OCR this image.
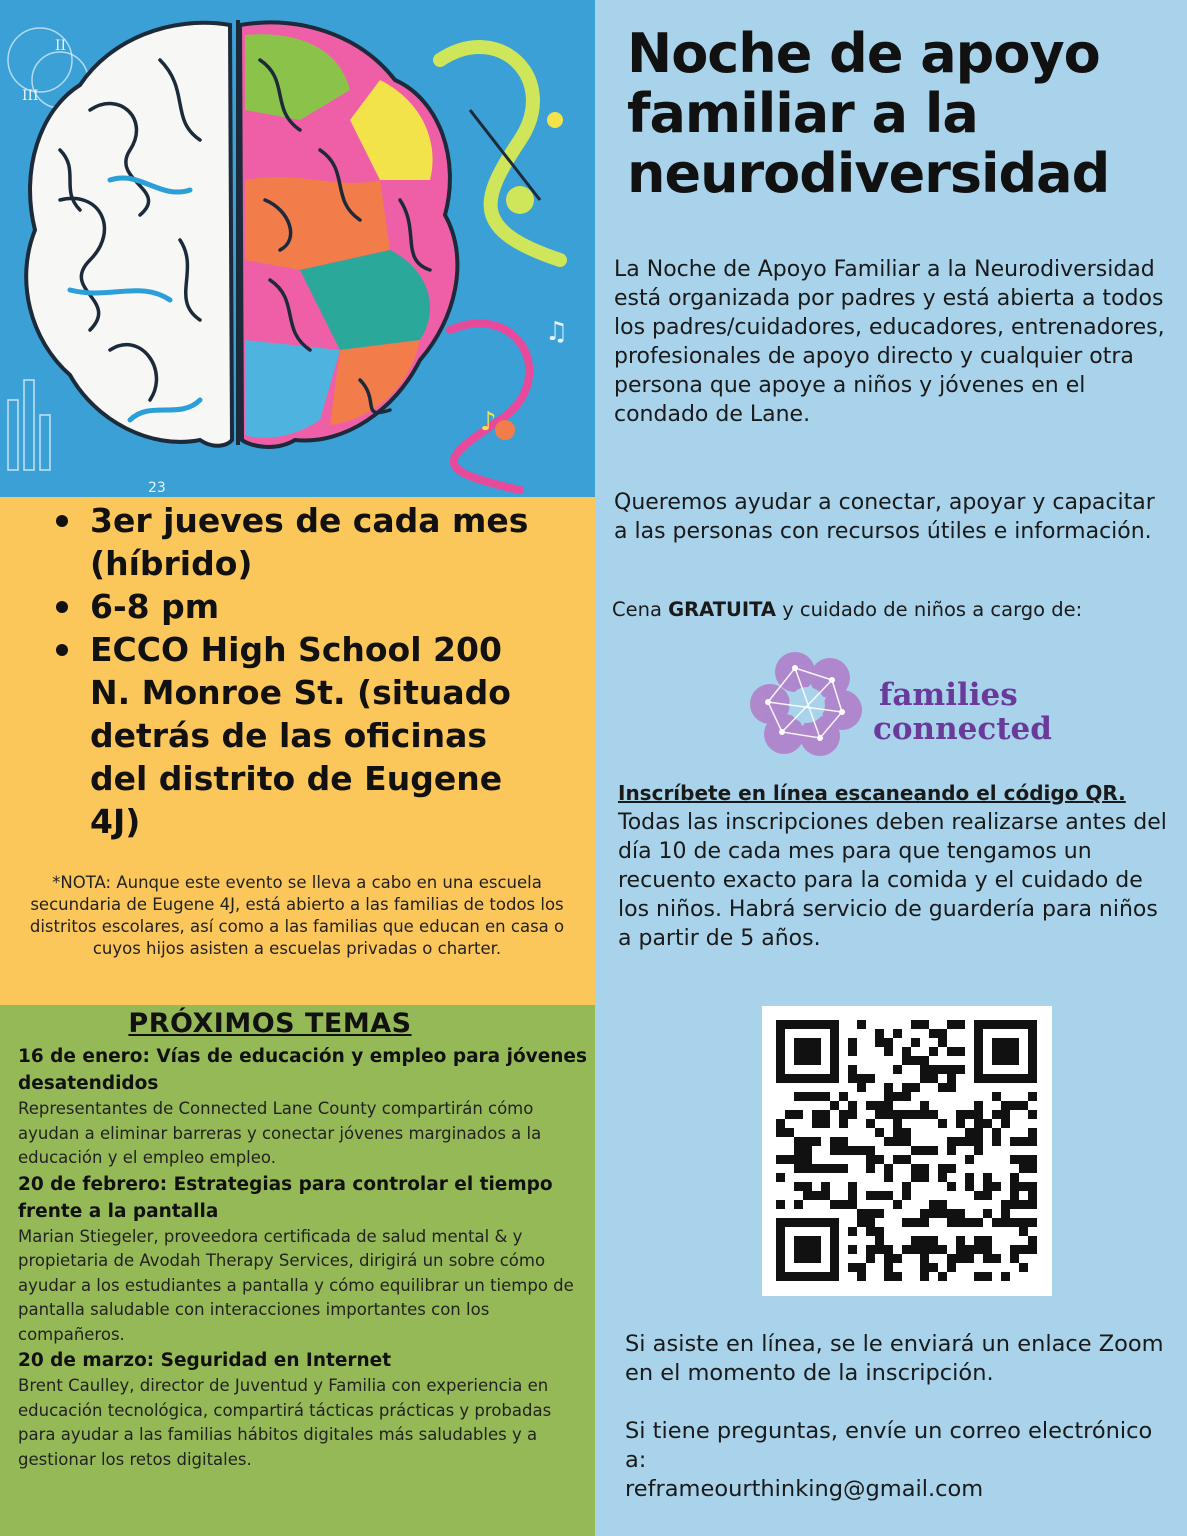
II
III
23
♪
♫
3er jueves de cada mes (híbrido)
6-8 pm
ECCO High School 200 N. Monroe St. (situado detrás de las oficinas del distrito de Eugene 4J)
*NOTA: Aunque este evento se lleva a cabo en una escuela secundaria de Eugene 4J, está abierto a las familias de todos los distritos escolares, así como a las familias que educan en casa o cuyos hijos asisten a escuelas privadas o charter.
PRÓXIMOS TEMAS
16 de enero: Vías de educación y empleo para jóvenes desatendidos
Representantes de Connected Lane County compartirán cómo ayudan a eliminar barreras y conectar jóvenes marginados a la educación y el empleo empleo.
20 de febrero: Estrategias para controlar el tiempo frente a la pantalla
Marian Stiegeler, proveedora certificada de salud mental & y propietaria de Avodah Therapy Services, dirigirá un sobre cómo ayudar a los estudiantes a pantalla y cómo equilibrar un tiempo de pantalla saludable con interacciones importantes con los compañeros.
20 de marzo: Seguridad en Internet
Brent Caulley, director de Juventud y Familia con experiencia en educación tecnológica, compartirá tácticas prácticas y probadas para ayudar a las familias hábitos digitales más saludables y a gestionar los retos digitales.
Noche de apoyo
familiar a la
neurodiversidad
La Noche de Apoyo Familiar a la Neurodiversidad está organizada por padres y está abierta a todos los padres/cuidadores, educadores, entrenadores, profesionales de apoyo directo y cualquier otra persona que apoye a niños y jóvenes en el condado de Lane.
Queremos ayudar a conectar, apoyar y capacitar a las personas con recursos útiles e información.
Cena GRATUITA y cuidado de niños a cargo de:
families
connected
Inscríbete en línea escaneando el código QR.
Todas las inscripciones deben realizarse antes del día 10 de cada mes para que tengamos un recuento exacto para la comida y el cuidado de los niños. Habrá servicio de guardería para niños a partir de 5 años.
Si asiste en línea, se le enviará un enlace Zoom en el momento de la inscripción.
Si tiene preguntas, envíe un correo electrónico a:
reframeourthinking@gmail.com
